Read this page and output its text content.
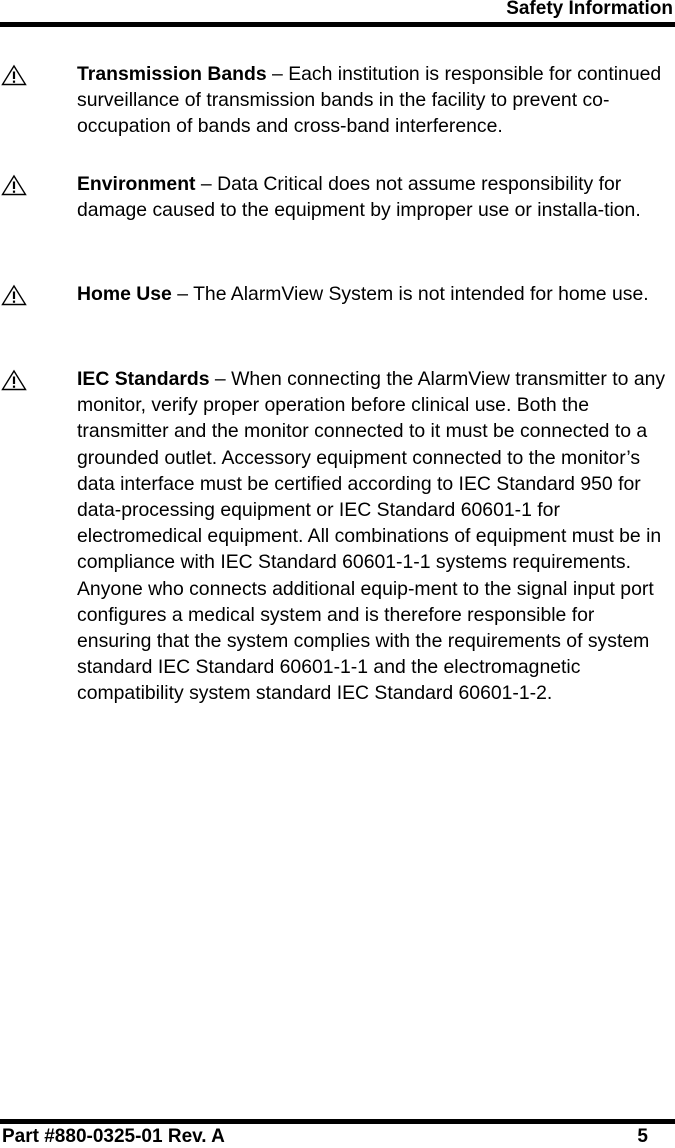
Safety Information
Transmission Bands – Each institution is responsible for continued surveillance of transmission bands in the facility to prevent co-occupation of bands and cross-band interference.
Environment – Data Critical does not assume responsibility for damage caused to the equipment by improper use or installa-tion.
Home Use – The AlarmView System is not intended for home use.
IEC Standards – When connecting the AlarmView transmitter to any monitor, verify proper operation before clinical use. Both the transmitter and the monitor connected to it must be connected to a grounded outlet. Accessory equipment connected to the monitor’s data interface must be certified according to IEC Standard 950 for data-processing equipment or IEC Standard 60601-1 for electromedical equipment. All combinations of equipment must be in compliance with IEC Standard 60601-1-1 systems requirements. Anyone who connects additional equip-ment to the signal input port configures a medical system and is therefore responsible for ensuring that the system complies with the requirements of system standard IEC Standard 60601-1-1 and the electromagnetic compatibility system standard IEC Standard 60601-1-2.
Part #880-0325-01 Rev. A	5
